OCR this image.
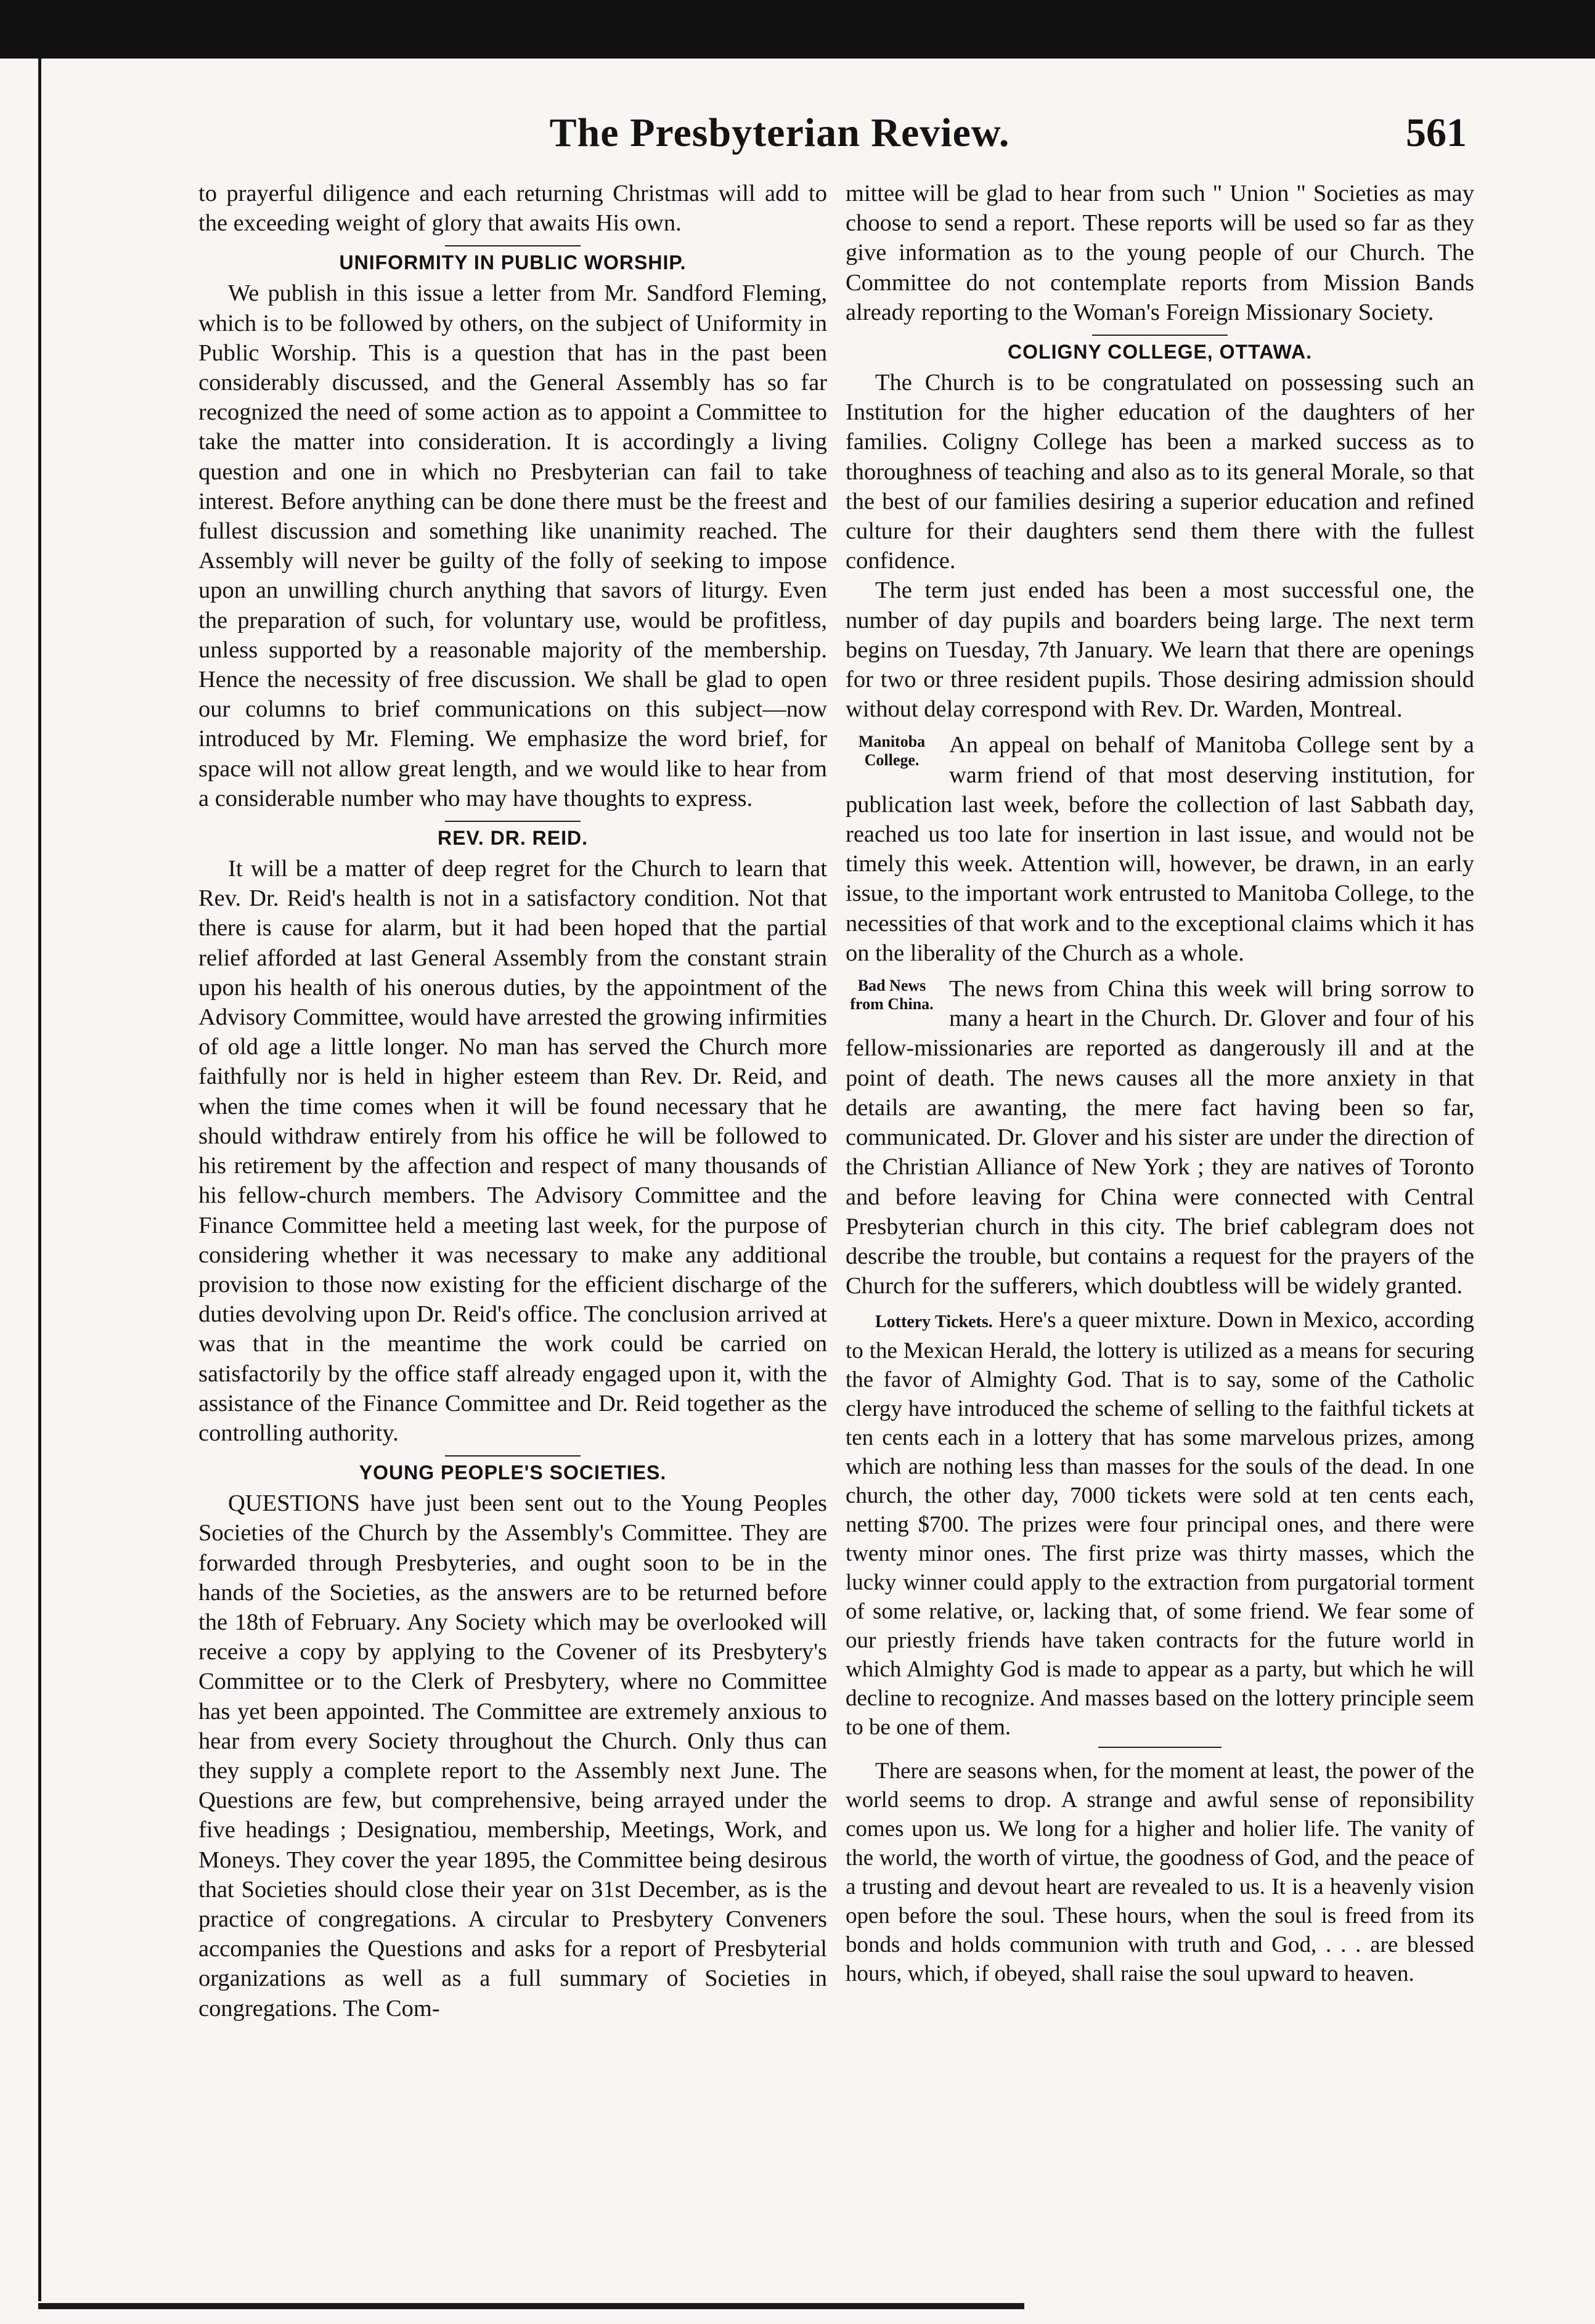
The Presbyterian Review.	561

to prayerful diligence and each returning Christmas will add to the exceeding weight of glory that awaits His own.

UNIFORMITY IN PUBLIC WORSHIP.

We publish in this issue a letter from Mr. Sandford Fleming, which is to be followed by others, on the subject of Uniformity in Public Worship. This is a question that has in the past been considerably discussed, and the General Assembly has so far recognized the need of some action as to appoint a Committee to take the matter into consideration. It is accordingly a living question and one in which no Presbyterian can fail to take interest. Before anything can be done there must be the freest and fullest discussion and something like unanimity reached. The Assembly will never be guilty of the folly of seeking to impose upon an unwilling church anything that savors of liturgy. Even the preparation of such, for voluntary use, would be profitless, unless supported by a reasonable majority of the membership. Hence the necessity of free discussion. We shall be glad to open our columns to brief communications on this subject—now introduced by Mr. Fleming. We emphasize the word brief, for space will not allow great length, and we would like to hear from a considerable number who may have thoughts to express.

REV. DR. REID.

It will be a matter of deep regret for the Church to learn that Rev. Dr. Reid's health is not in a satisfactory condition. Not that there is cause for alarm, but it had been hoped that the partial relief afforded at last General Assembly from the constant strain upon his health of his onerous duties, by the appointment of the Advisory Committee, would have arrested the growing infirmities of old age a little longer. No man has served the Church more faithfully nor is held in higher esteem than Rev. Dr. Reid, and when the time comes when it will be found necessary that he should withdraw entirely from his office he will be followed to his retirement by the affection and respect of many thousands of his fellow-church members. The Advisory Committee and the Finance Committee held a meeting last week, for the purpose of considering whether it was necessary to make any additional provision to those now existing for the efficient discharge of the duties devolving upon Dr. Reid's office. The conclusion arrived at was that in the meantime the work could be carried on satisfactorily by the office staff already engaged upon it, with the assistance of the Finance Committee and Dr. Reid together as the controlling authority.

YOUNG PEOPLE'S SOCIETIES.

QUESTIONS have just been sent out to the Young Peoples Societies of the Church by the Assembly's Committee. They are forwarded through Presbyteries, and ought soon to be in the hands of the Societies, as the answers are to be returned before the 18th of February. Any Society which may be overlooked will receive a copy by applying to the Covener of its Presbytery's Committee or to the Clerk of Presbytery, where no Committee has yet been appointed. The Committee are extremely anxious to hear from every Society throughout the Church. Only thus can they supply a complete report to the Assembly next June. The Questions are few, but comprehensive, being arrayed under the five headings ; Designatiou, membership, Meetings, Work, and Moneys. They cover the year 1895, the Committee being desirous that Societies should close their year on 31st December, as is the practice of congregations. A circular to Presbytery Conveners accompanies the Questions and asks for a report of Presbyterial organizations as well as a full summary of Societies in congregations. The Com-

mittee will be glad to hear from such " Union " Societies as may choose to send a report. These reports will be used so far as they give information as to the young people of our Church. The Committee do not contemplate reports from Mission Bands already reporting to the Woman's Foreign Missionary Society.

COLIGNY COLLEGE, OTTAWA.

The Church is to be congratulated on possessing such an Institution for the higher education of the daughters of her families. Coligny College has been a marked success as to thoroughness of teaching and also as to its general Morale, so that the best of our families desiring a superior education and refined culture for their daughters send them there with the fullest confidence.

The term just ended has been a most successful one, the number of day pupils and boarders being large. The next term begins on Tuesday, 7th January. We learn that there are openings for two or three resident pupils. Those desiring admission should without delay correspond with Rev. Dr. Warden, Montreal.

Manitoba College.
An appeal on behalf of Manitoba College sent by a warm friend of that most deserving institution, for publication last week, before the collection of last Sabbath day, reached us too late for insertion in last issue, and would not be timely this week. Attention will, however, be drawn, in an early issue, to the important work entrusted to Manitoba College, to the necessities of that work and to the exceptional claims which it has on the liberality of the Church as a whole.

Bad News from China.
The news from China this week will bring sorrow to many a heart in the Church. Dr. Glover and four of his fellow-missionaries are reported as dangerously ill and at the point of death. The news causes all the more anxiety in that details are awanting, the mere fact having been so far, communicated. Dr. Glover and his sister are under the direction of the Christian Alliance of New York ; they are natives of Toronto and before leaving for China were connected with Central Presbyterian church in this city. The brief cablegram does not describe the trouble, but contains a request for the prayers of the Church for the sufferers, which doubtless will be widely granted.

Lottery Tickets. Here's a queer mixture. Down in Mexico, according to the Mexican Herald, the lottery is utilized as a means for securing the favor of Almighty God. That is to say, some of the Catholic clergy have introduced the scheme of selling to the faithful tickets at ten cents each in a lottery that has some marvelous prizes, among which are nothing less than masses for the souls of the dead. In one church, the other day, 7000 tickets were sold at ten cents each, netting $700. The prizes were four principal ones, and there were twenty minor ones. The first prize was thirty masses, which the lucky winner could apply to the extraction from purgatorial torment of some relative, or, lacking that, of some friend. We fear some of our priestly friends have taken contracts for the future world in which Almighty God is made to appear as a party, but which he will decline to recognize. And masses based on the lottery principle seem to be one of them.

There are seasons when, for the moment at least, the power of the world seems to drop. A strange and awful sense of reponsibility comes upon us. We long for a higher and holier life. The vanity of the world, the worth of virtue, the goodness of God, and the peace of a trusting and devout heart are revealed to us. It is a heavenly vision open before the soul. These hours, when the soul is freed from its bonds and holds communion with truth and God, . . . are blessed hours, which, if obeyed, shall raise the soul upward to heaven.
